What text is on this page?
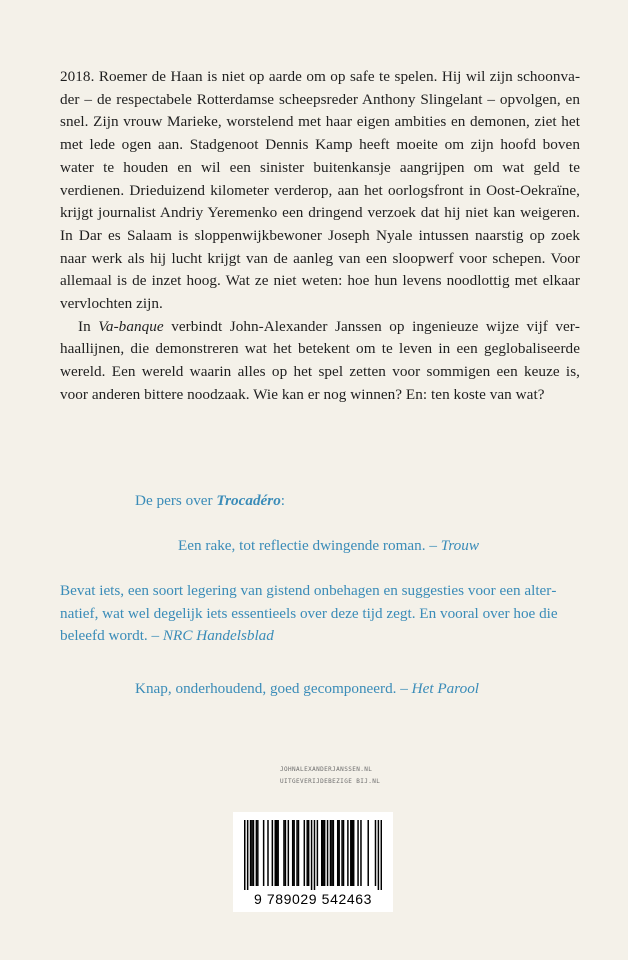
2018. Roemer de Haan is niet op aarde om op safe te spelen. Hij wil zijn schoonvader – de respectabele Rotterdamse scheepsreder Anthony Slingelant – opvolgen, en snel. Zijn vrouw Marieke, worstelend met haar eigen ambities en demonen, ziet het met lede ogen aan. Stadgenoot Dennis Kamp heeft moeite om zijn hoofd boven water te houden en wil een sinister buitenkansje aangrijpen om wat geld te verdienen. Drieduizend kilometer verderop, aan het oorlogsfront in Oost-Oekraïne, krijgt journalist Andriy Yeremenko een dringend verzoek dat hij niet kan weigeren. In Dar es Salaam is sloppenwijkbewoner Joseph Nyale intussen naarstig op zoek naar werk als hij lucht krijgt van de aanleg van een sloopwerf voor schepen. Voor allemaal is de inzet hoog. Wat ze niet weten: hoe hun levens noodlottig met elkaar vervlochten zijn.

In Va-banque verbindt John-Alexander Janssen op ingenieuze wijze vijf verhaallijnen, die demonstreren wat het betekent om te leven in een geglobaliseerde wereld. Een wereld waarin alles op het spel zetten voor sommigen een keuze is, voor anderen bittere noodzaak. Wie kan er nog winnen? En: ten koste van wat?

De pers over Trocadéro:

Een rake, tot reflectie dwingende roman. – Trouw

Bevat iets, een soort legering van gistend onbehagen en suggesties voor een alternatief, wat wel degelijk iets essentieels over deze tijd zegt. En vooral over hoe die beleefd wordt. – NRC Handelsblad

Knap, onderhoudend, goed gecomponeerd. – Het Parool

JOHNALEXANDERJANSSEN.NL
UITGEVERIJDEBEZIGE BIJ.NL
9 789029 542463
